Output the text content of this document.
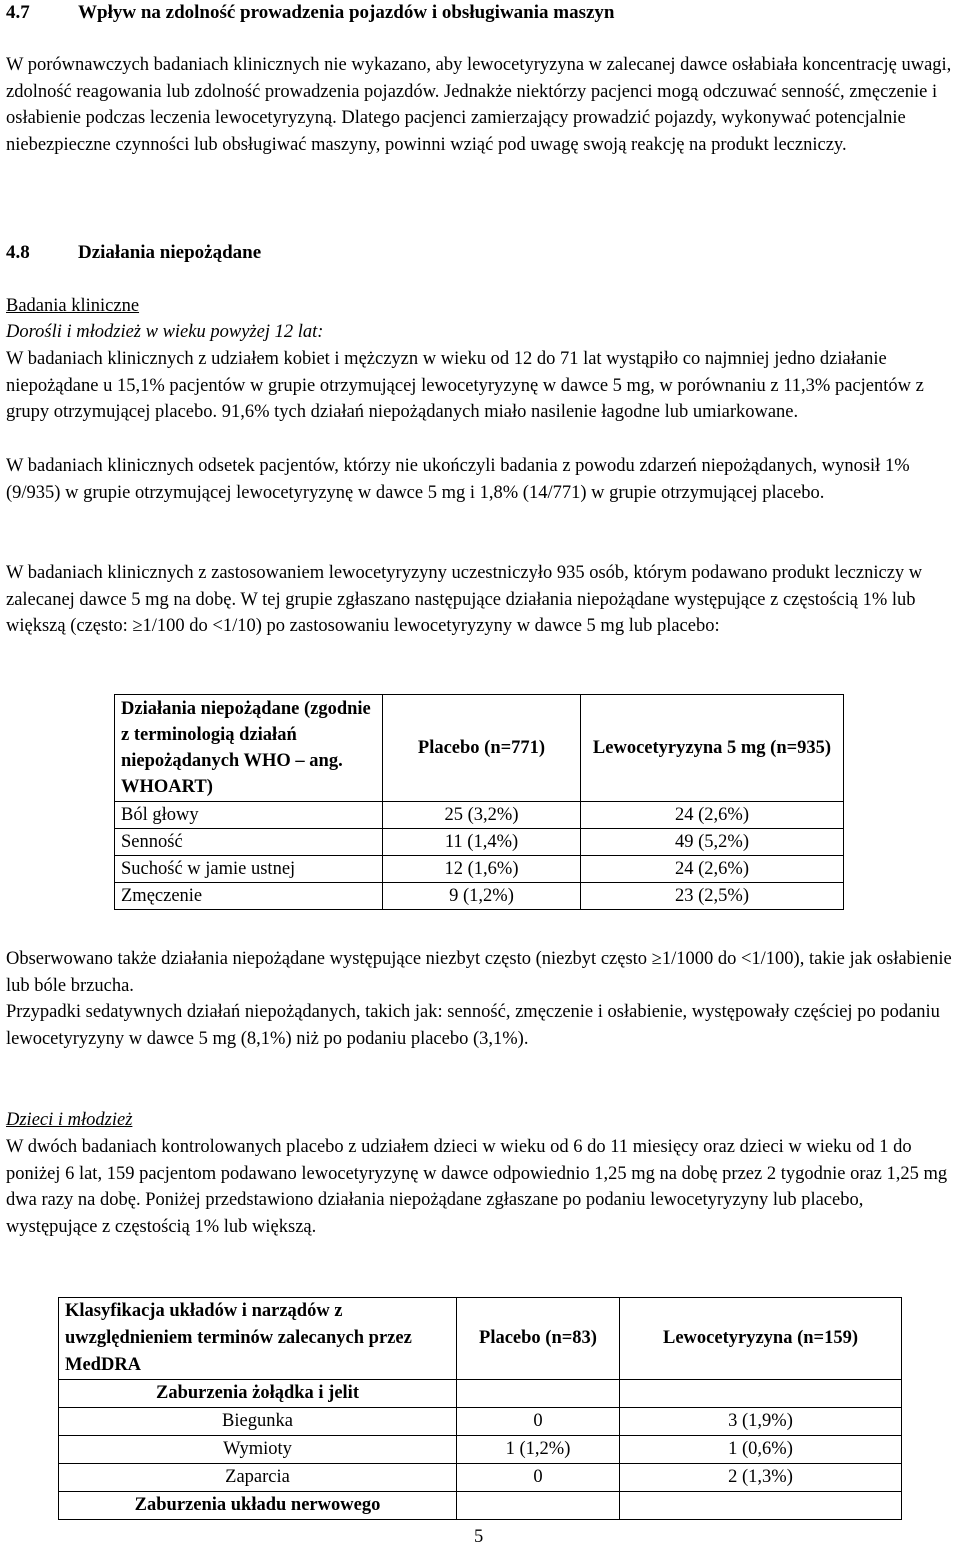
4.7	Wpływ na zdolność prowadzenia pojazdów i obsługiwania maszyn

W porównawczych badaniach klinicznych nie wykazano, aby lewocetyryzyna w zalecanej dawce osłabiała koncentrację uwagi, zdolność reagowania lub zdolność prowadzenia pojazdów. Jednakże niektórzy pacjenci mogą odczuwać senność, zmęczenie i osłabienie podczas leczenia lewocetyryzyną. Dlatego pacjenci zamierzający prowadzić pojazdy, wykonywać potencjalnie niebezpieczne czynności lub obsługiwać maszyny, powinni wziąć pod uwagę swoją reakcję na produkt leczniczy.

4.8	Działania niepożądane

Badania kliniczne

Dorośli i młodzież w wieku powyżej 12 lat:

W badaniach klinicznych z udziałem kobiet i mężczyzn w wieku od 12 do 71 lat wystąpiło co najmniej jedno działanie niepożądane u 15,1% pacjentów w grupie otrzymującej lewocetyryzynę w dawce 5 mg, w porównaniu z 11,3% pacjentów z grupy otrzymującej placebo. 91,6% tych działań niepożądanych miało nasilenie łagodne lub umiarkowane.

W badaniach klinicznych odsetek pacjentów, którzy nie ukończyli badania z powodu zdarzeń niepożądanych, wynosił 1% (9/935) w grupie otrzymującej lewocetyryzynę w dawce 5 mg i 1,8% (14/771) w grupie otrzymującej placebo.

W badaniach klinicznych z zastosowaniem lewocetyryzyny uczestniczyło 935 osób, którym podawano produkt leczniczy w zalecanej dawce 5 mg na dobę. W tej grupie zgłaszano następujące działania niepożądane występujące z częstością 1% lub większą (często: ≥1/100 do <1/10) po zastosowaniu lewocetyryzyny w dawce 5 mg lub placebo:

Działania niepożądane (zgodnie z terminologią działań niepożądanych WHO – ang. WHOART)	Placebo (n=771)	Lewocetyryzyna 5 mg (n=935)
Ból głowy	25 (3,2%)	24 (2,6%)
Senność	11 (1,4%)	49 (5,2%)
Suchość w jamie ustnej	12 (1,6%)	24 (2,6%)
Zmęczenie	9 (1,2%)	23 (2,5%)

Obserwowano także działania niepożądane występujące niezbyt często (niezbyt często ≥1/1000 do <1/100), takie jak osłabienie lub bóle brzucha.

Przypadki sedatywnych działań niepożądanych, takich jak: senność, zmęczenie i osłabienie, występowały częściej po podaniu lewocetyryzyny w dawce 5 mg (8,1%) niż po podaniu placebo (3,1%).

Dzieci i młodzież

W dwóch badaniach kontrolowanych placebo z udziałem dzieci w wieku od 6 do 11 miesięcy oraz dzieci w wieku od 1 do poniżej 6 lat, 159 pacjentom podawano lewocetyryzynę w dawce odpowiednio 1,25 mg na dobę przez 2 tygodnie oraz 1,25 mg dwa razy na dobę. Poniżej przedstawiono działania niepożądane zgłaszane po podaniu lewocetyryzyny lub placebo, występujące z częstością 1% lub większą.

Klasyfikacja układów i narządów z uwzględnieniem terminów zalecanych przez MedDRA	Placebo (n=83)	Lewocetyryzyna (n=159)
Zaburzenia żołądka i jelit		
Biegunka	0	3 (1,9%)
Wymioty	1 (1,2%)	1 (0,6%)
Zaparcia	0	2 (1,3%)
Zaburzenia układu nerwowego		
5
